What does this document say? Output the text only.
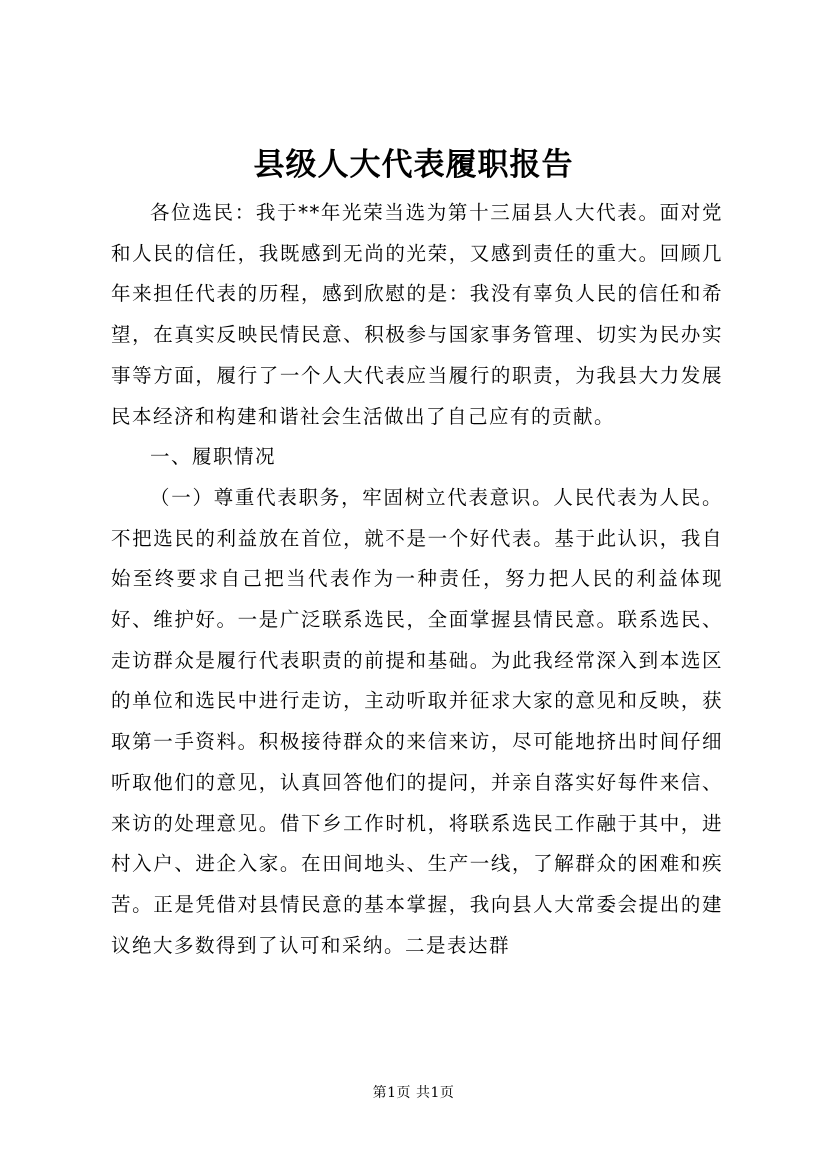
县级人大代表履职报告

各位选民：我于**年光荣当选为第十三届县人大代表。面对党和人民的信任，我既感到无尚的光荣，又感到责任的重大。回顾几年来担任代表的历程，感到欣慰的是：我没有辜负人民的信任和希望，在真实反映民情民意、积极参与国家事务管理、切实为民办实事等方面，履行了一个人大代表应当履行的职责，为我县大力发展民本经济和构建和谐社会生活做出了自己应有的贡献。

一、履职情况

（一）尊重代表职务，牢固树立代表意识。人民代表为人民。不把选民的利益放在首位，就不是一个好代表。基于此认识，我自始至终要求自己把当代表作为一种责任，努力把人民的利益体现好、维护好。一是广泛联系选民，全面掌握县情民意。联系选民、走访群众是履行代表职责的前提和基础。为此我经常深入到本选区的单位和选民中进行走访，主动听取并征求大家的意见和反映，获取第一手资料。积极接待群众的来信来访，尽可能地挤出时间仔细听取他们的意见，认真回答他们的提问，并亲自落实好每件来信、来访的处理意见。借下乡工作时机，将联系选民工作融于其中，进村入户、进企入家。在田间地头、生产一线，了解群众的困难和疾苦。正是凭借对县情民意的基本掌握，我向县人大常委会提出的建议绝大多数得到了认可和采纳。二是表达群

第1页 共1页
